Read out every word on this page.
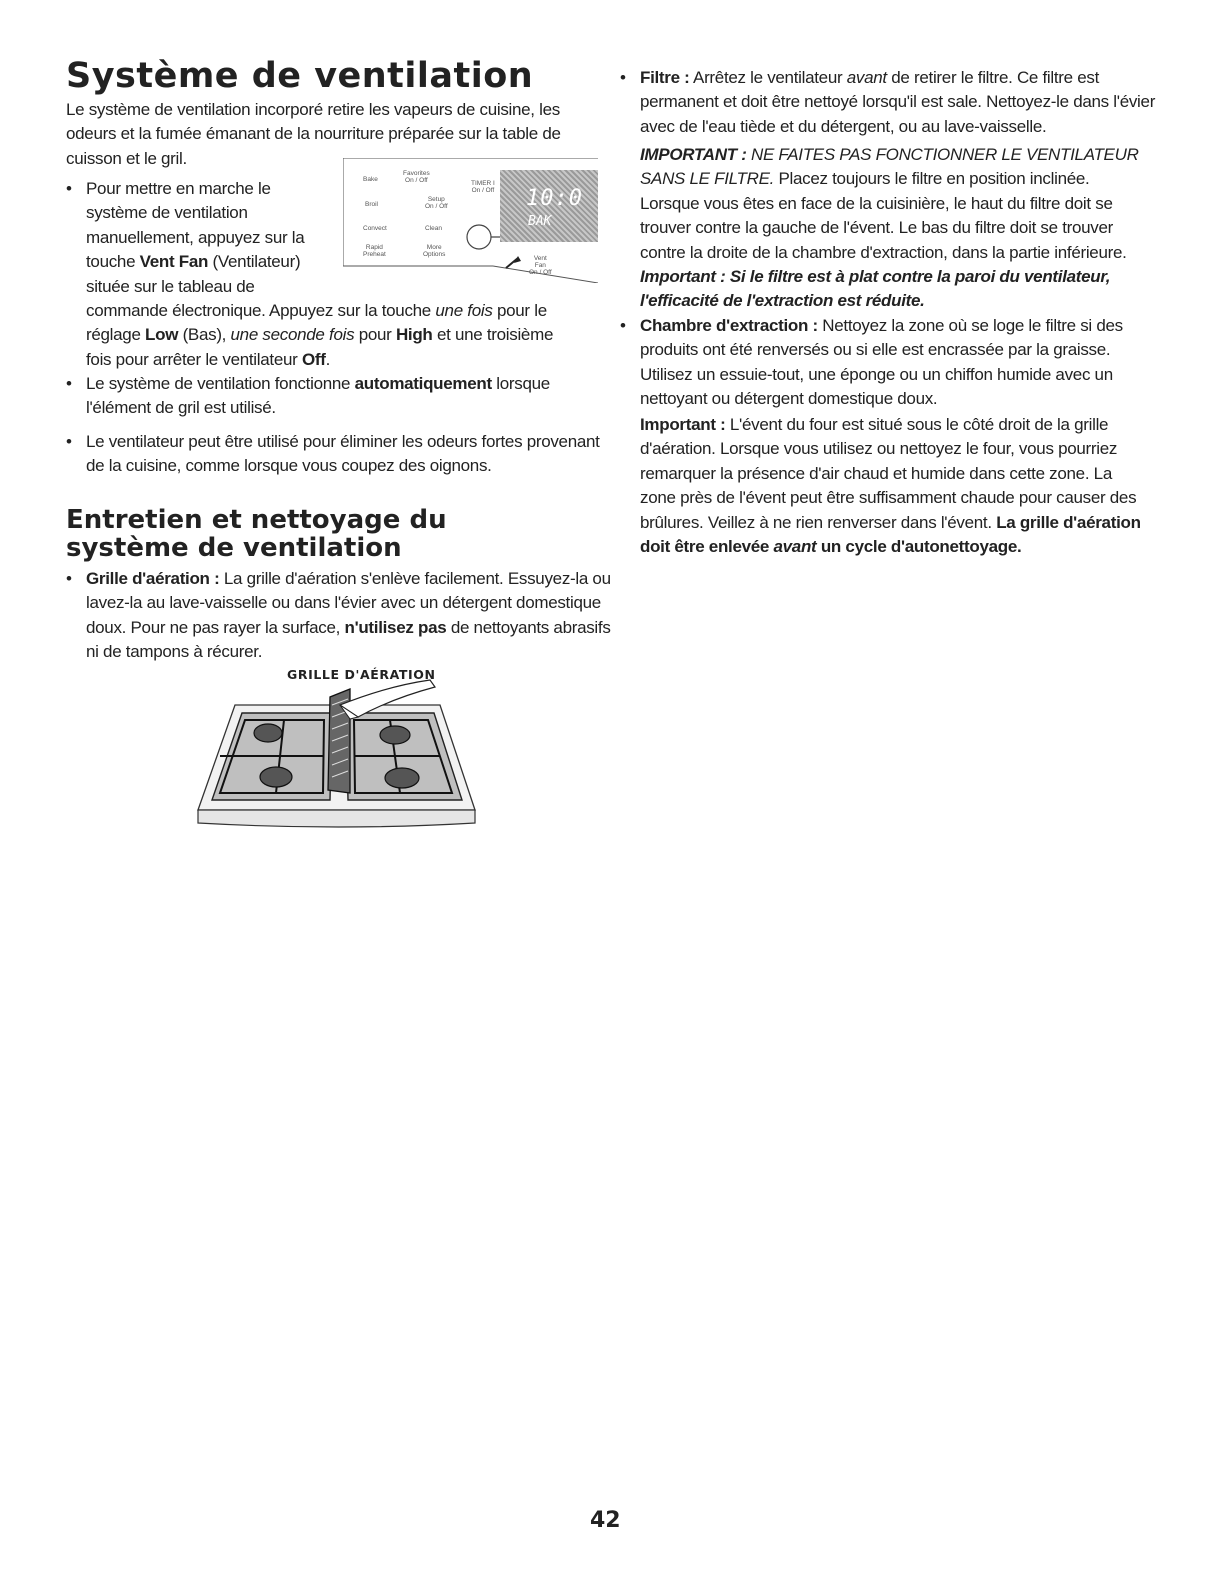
Système de ventilation

Le système de ventilation incorporé retire les vapeurs de cuisine, les odeurs et la fumée émanant de la nourriture préparée sur la table de cuisson et le gril.

• Pour mettre en marche le
système de ventilation
manuellement, appuyez sur la
touche Vent Fan (Ventilateur)
située sur le tableau de
commande électronique. Appuyez sur la touche une fois pour le
réglage Low (Bas), une seconde fois pour High et une troisième
fois pour arrêter le ventilateur Off.
Bake
Favorites
On / Off	TIMER I
On / Off
Broil
Setup
On / Off
Convect	Clean
Rapid
Preheat
More
Options
Vent
Fan
On / Off
10:0
BAK

• Le système de ventilation fonctionne automatiquement lorsque l'élément de gril est utilisé.

• Le ventilateur peut être utilisé pour éliminer les odeurs fortes provenant de la cuisine, comme lorsque vous coupez des oignons.

Entretien et nettoyage du
système de ventilation

• Grille d'aération : La grille d'aération s'enlève facilement. Essuyez-la ou lavez-la au lave-vaisselle ou dans l'évier avec un détergent domestique doux. Pour ne pas rayer la surface, n'utilisez pas de nettoyants abrasifs ni de tampons à récurer.

GRILLE D'AÉRATION

• Filtre : Arrêtez le ventilateur avant de retirer le filtre. Ce filtre est permanent et doit être nettoyé lorsqu'il est sale. Nettoyez-le dans l'évier avec de l'eau tiède et du détergent, ou au lave-vaisselle.

IMPORTANT : NE FAITES PAS FONCTIONNER LE VENTILATEUR SANS LE FILTRE. Placez toujours le filtre en position inclinée. Lorsque vous êtes en face de la cuisinière, le haut du filtre doit se trouver contre la gauche de l'évent. Le bas du filtre doit se trouver contre la droite de la chambre d'extraction, dans la partie inférieure. Important : Si le filtre est à plat contre la paroi du ventilateur, l'efficacité de l'extraction est réduite.

• Chambre d'extraction : Nettoyez la zone où se loge le filtre si des produits ont été renversés ou si elle est encrassée par la graisse. Utilisez un essuie-tout, une éponge ou un chiffon humide avec un nettoyant ou détergent domestique doux.

Important : L'évent du four est situé sous le côté droit de la grille d'aération. Lorsque vous utilisez ou nettoyez le four, vous pourriez remarquer la présence d'air chaud et humide dans cette zone. La zone près de l'évent peut être suffisamment chaude pour causer des brûlures. Veillez à ne rien renverser dans l'évent. La grille d'aération doit être enlevée avant un cycle d'autonettoyage.

42
